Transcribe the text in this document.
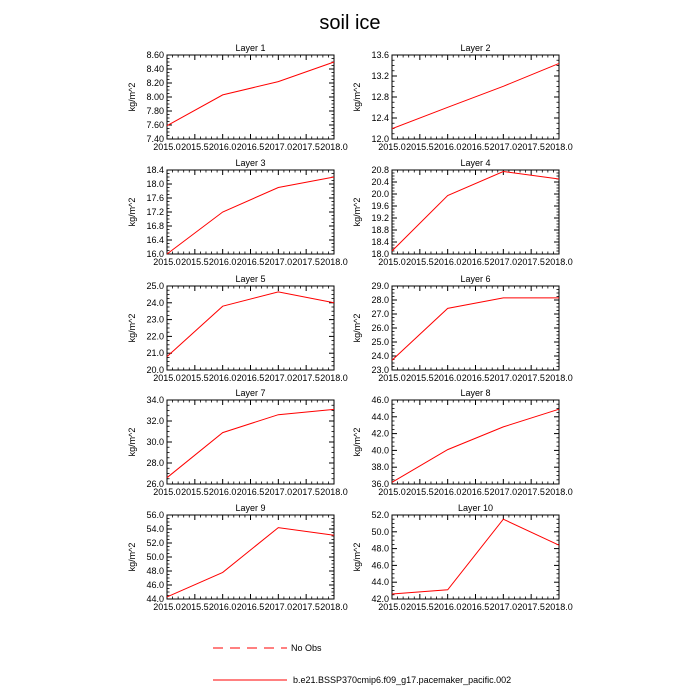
soil ice
Layer 1
2015.0 2015.5 2016.0 2016.5 2017.0 2017.5 2018.0
7.40
7.60
7.80
8.00
8.20
8.40
8.60
kg/m^2
Layer 2
2015.0 2015.5 2016.0 2016.5 2017.0 2017.5 2018.0
12.0
12.4
12.8
13.2
13.6
kg/m^2
Layer 3
2015.0 2015.5 2016.0 2016.5 2017.0 2017.5 2018.0
16.0
16.4
16.8
17.2
17.6
18.0
18.4
kg/m^2
Layer 4
2015.0 2015.5 2016.0 2016.5 2017.0 2017.5 2018.0
18.0
18.4
18.8
19.2
19.6
20.0
20.4
20.8
kg/m^2
Layer 5
2015.0 2015.5 2016.0 2016.5 2017.0 2017.5 2018.0
20.0
21.0
22.0
23.0
24.0
25.0
kg/m^2
Layer 6
2015.0 2015.5 2016.0 2016.5 2017.0 2017.5 2018.0
23.0
24.0
25.0
26.0
27.0
28.0
29.0
kg/m^2
Layer 7
2015.0 2015.5 2016.0 2016.5 2017.0 2017.5 2018.0
26.0
28.0
30.0
32.0
34.0
kg/m^2
Layer 8
2015.0 2015.5 2016.0 2016.5 2017.0 2017.5 2018.0
36.0
38.0
40.0
42.0
44.0
46.0
kg/m^2
Layer 9
2015.0 2015.5 2016.0 2016.5 2017.0 2017.5 2018.0
44.0
46.0
48.0
50.0
52.0
54.0
56.0
kg/m^2
Layer 10
2015.0 2015.5 2016.0 2016.5 2017.0 2017.5 2018.0
42.0
44.0
46.0
48.0
50.0
52.0
kg/m^2
No Obs
b.e21.BSSP370cmip6.f09_g17.pacemaker_pacific.002
